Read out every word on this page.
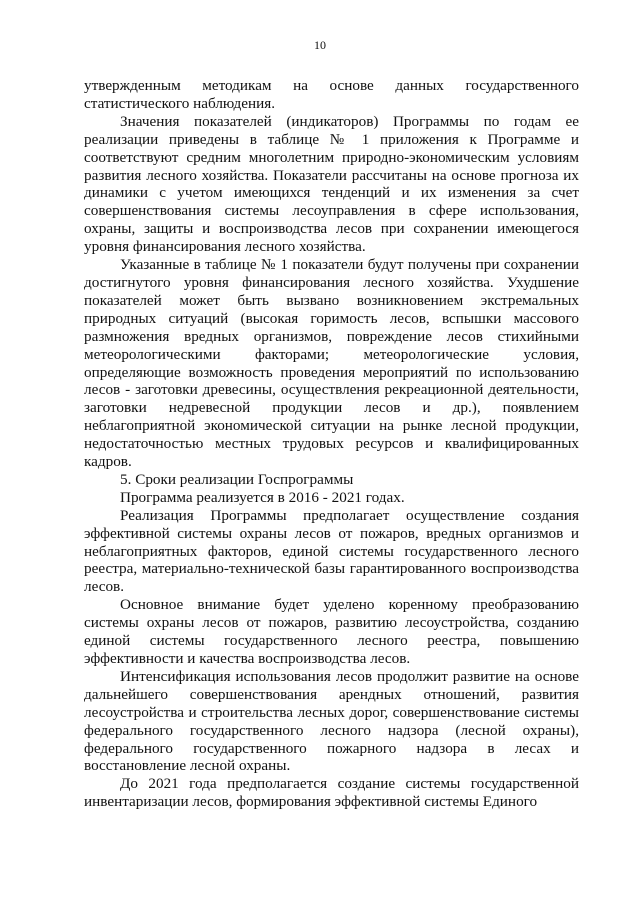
10

утвержденным методикам на основе данных государственного статистического наблюдения.

Значения показателей (индикаторов) Программы по годам ее реализации приведены в таблице № 1 приложения к Программе и соответствуют средним многолетним природно-экономическим условиям развития лесного хозяйства. Показатели рассчитаны на основе прогноза их динамики с учетом имеющихся тенденций и их изменения за счет совершенствования системы лесоуправления в сфере использования, охраны, защиты и воспроизводства лесов при сохранении имеющегося уровня финансирования лесного хозяйства.

Указанные в таблице № 1 показатели будут получены при сохранении достигнутого уровня финансирования лесного хозяйства. Ухудшение показателей может быть вызвано возникновением экстремальных природных ситуаций (высокая горимость лесов, вспышки массового размножения вредных организмов, повреждение лесов стихийными метеорологическими факторами; метеорологические условия, определяющие возможность проведения мероприятий по использованию лесов - заготовки древесины, осуществления рекреационной деятельности, заготовки недревесной продукции лесов и др.), появлением неблагоприятной экономической ситуации на рынке лесной продукции, недостаточностью местных трудовых ресурсов и квалифицированных кадров.

5. Сроки реализации Госпрограммы

Программа реализуется в 2016 - 2021 годах.

Реализация Программы предполагает осуществление создания эффективной системы охраны лесов от пожаров, вредных организмов и неблагоприятных факторов, единой системы государственного лесного реестра, материально-технической базы гарантированного воспроизводства лесов.

Основное внимание будет уделено коренному преобразованию системы охраны лесов от пожаров, развитию лесоустройства, созданию единой системы государственного лесного реестра, повышению эффективности и качества воспроизводства лесов.

Интенсификация использования лесов продолжит развитие на основе дальнейшего совершенствования арендных отношений, развития лесоустройства и строительства лесных дорог, совершенствование системы федерального государственного лесного надзора (лесной охраны), федерального государственного пожарного надзора в лесах и восстановление лесной охраны.

До 2021 года предполагается создание системы государственной инвентаризации лесов, формирования эффективной системы Единого
